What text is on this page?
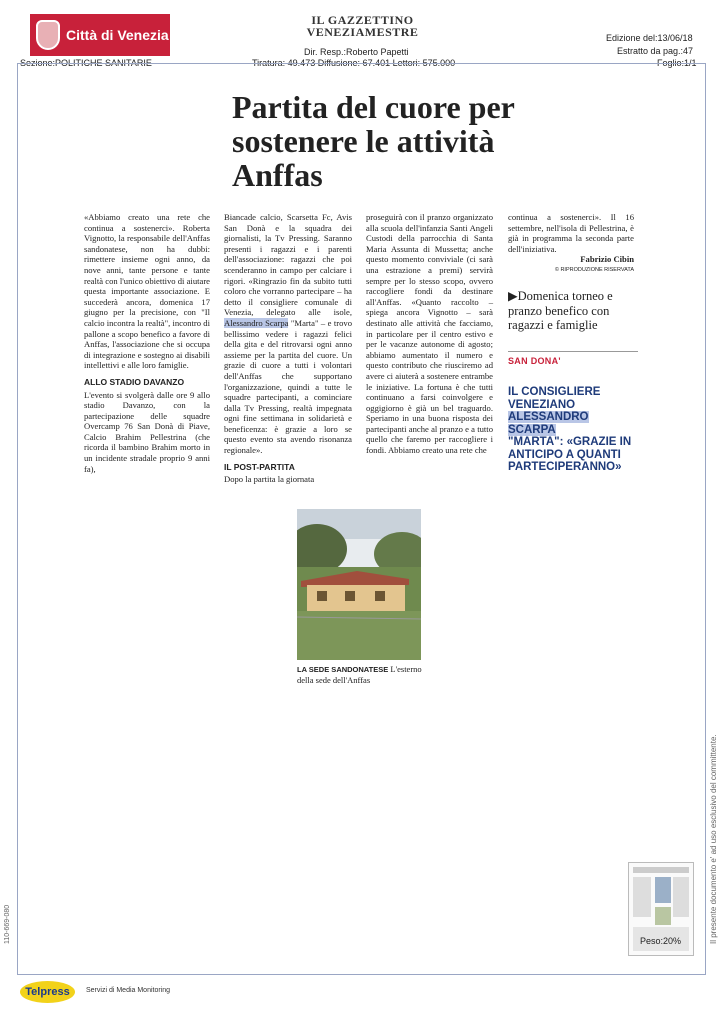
Città di Venezia
IL GAZZETTINO
VENEZIAMESTRE
Dir. Resp.:Roberto Papetti
Tiratura: 49.473 Diffusione: 67.401 Lettori: 575.000
Edizione del:13/06/18
Estratto da pag.:47
Foglio:1/1
Sezione:POLITICHE SANITARIE
Partita del cuore per sostenere le attività Anffas

«Abbiamo creato una rete che continua a sostenerci». Roberta Vignotto, la responsabile dell'Anffas sandonatese, non ha dubbi: rimettere insieme ogni anno, da nove anni, tante persone e tante realtà con l'unico obiettivo di aiutare questa importante associazione. E succederà ancora, domenica 17 giugno per la precisione, con "Il calcio incontra la realtà", incontro di pallone a scopo benefico a favore di Anffas, l'associazione che si occupa di integrazione e sostegno ai disabili intellettivi e alle loro famiglie.

ALLO STADIO DAVANZO

L'evento si svolgerà dalle ore 9 allo stadio Davanzo, con la partecipazione delle squadre Overcamp 76 San Donà di Piave, Calcio Brahim Pellestrina (che ricorda il bambino Brahim morto in un incidente stradale proprio 9 anni fa),

Biancade calcio, Scarsetta Fc, Avis San Donà e la squadra dei giornalisti, la Tv Pressing. Saranno presenti i ragazzi e i parenti dell'associazione: ragazzi che poi scenderanno in campo per calciare i rigori. «Ringrazio fin da subito tutti coloro che vorranno partecipare – ha detto il consigliere comunale di Venezia, delegato alle isole, Alessandro Scarpa "Marta" – e trovo bellissimo vedere i ragazzi felici della gita e del ritrovarsi ogni anno assieme per la partita del cuore. Un grazie di cuore a tutti i volontari dell'Anffas che supportano l'organizzazione, quindi a tutte le squadre partecipanti, a cominciare dalla Tv Pressing, realtà impegnata ogni fine settimana in solidarietà e beneficenza: è grazie a loro se questo evento sta avendo risonanza regionale».

IL POST-PARTITA

Dopo la partita la giornata

proseguirà con il pranzo organizzato alla scuola dell'infanzia Santi Angeli Custodi della parrocchia di Santa Maria Assunta di Mussetta; anche questo momento conviviale (ci sarà una estrazione a premi) servirà sempre per lo stesso scopo, ovvero raccogliere fondi da destinare all'Anffas. «Quanto raccolto – spiega ancora Vignotto – sarà destinato alle attività che facciamo, in particolare per il centro estivo e per le vacanze autonome di agosto; abbiamo aumentato il numero e questo contributo che riusciremo ad avere ci aiuterà a sostenere entrambe le iniziative. La fortuna è che tutti continuano a farsi coinvolgere e oggigiorno è già un bel traguardo. Speriamo in una buona risposta dei partecipanti anche al pranzo e a tutto quello che faremo per raccogliere i fondi. Abbiamo creato una rete che

continua a sostenerci». Il 16 settembre, nell'isola di Pellestrina, è già in programma la seconda parte dell'iniziativa.

Fabrizio Cibin
© RIPRODUZIONE RISERVATA
▶Domenica torneo e pranzo benefico con ragazzi e famiglie
SAN DONA'
IL CONSIGLIERE VENEZIANO
ALESSANDRO SCARPA
"MARTA": «GRAZIE IN ANTICIPO A QUANTI PARTECIPERANNO»
LA SEDE SANDONATESE L'esterno della sede dell'Anffas
Peso:20%	Il presente documento e' ad uso esclusivo del committente.
110-669-080
Telpress	Servizi di Media Monitoring
